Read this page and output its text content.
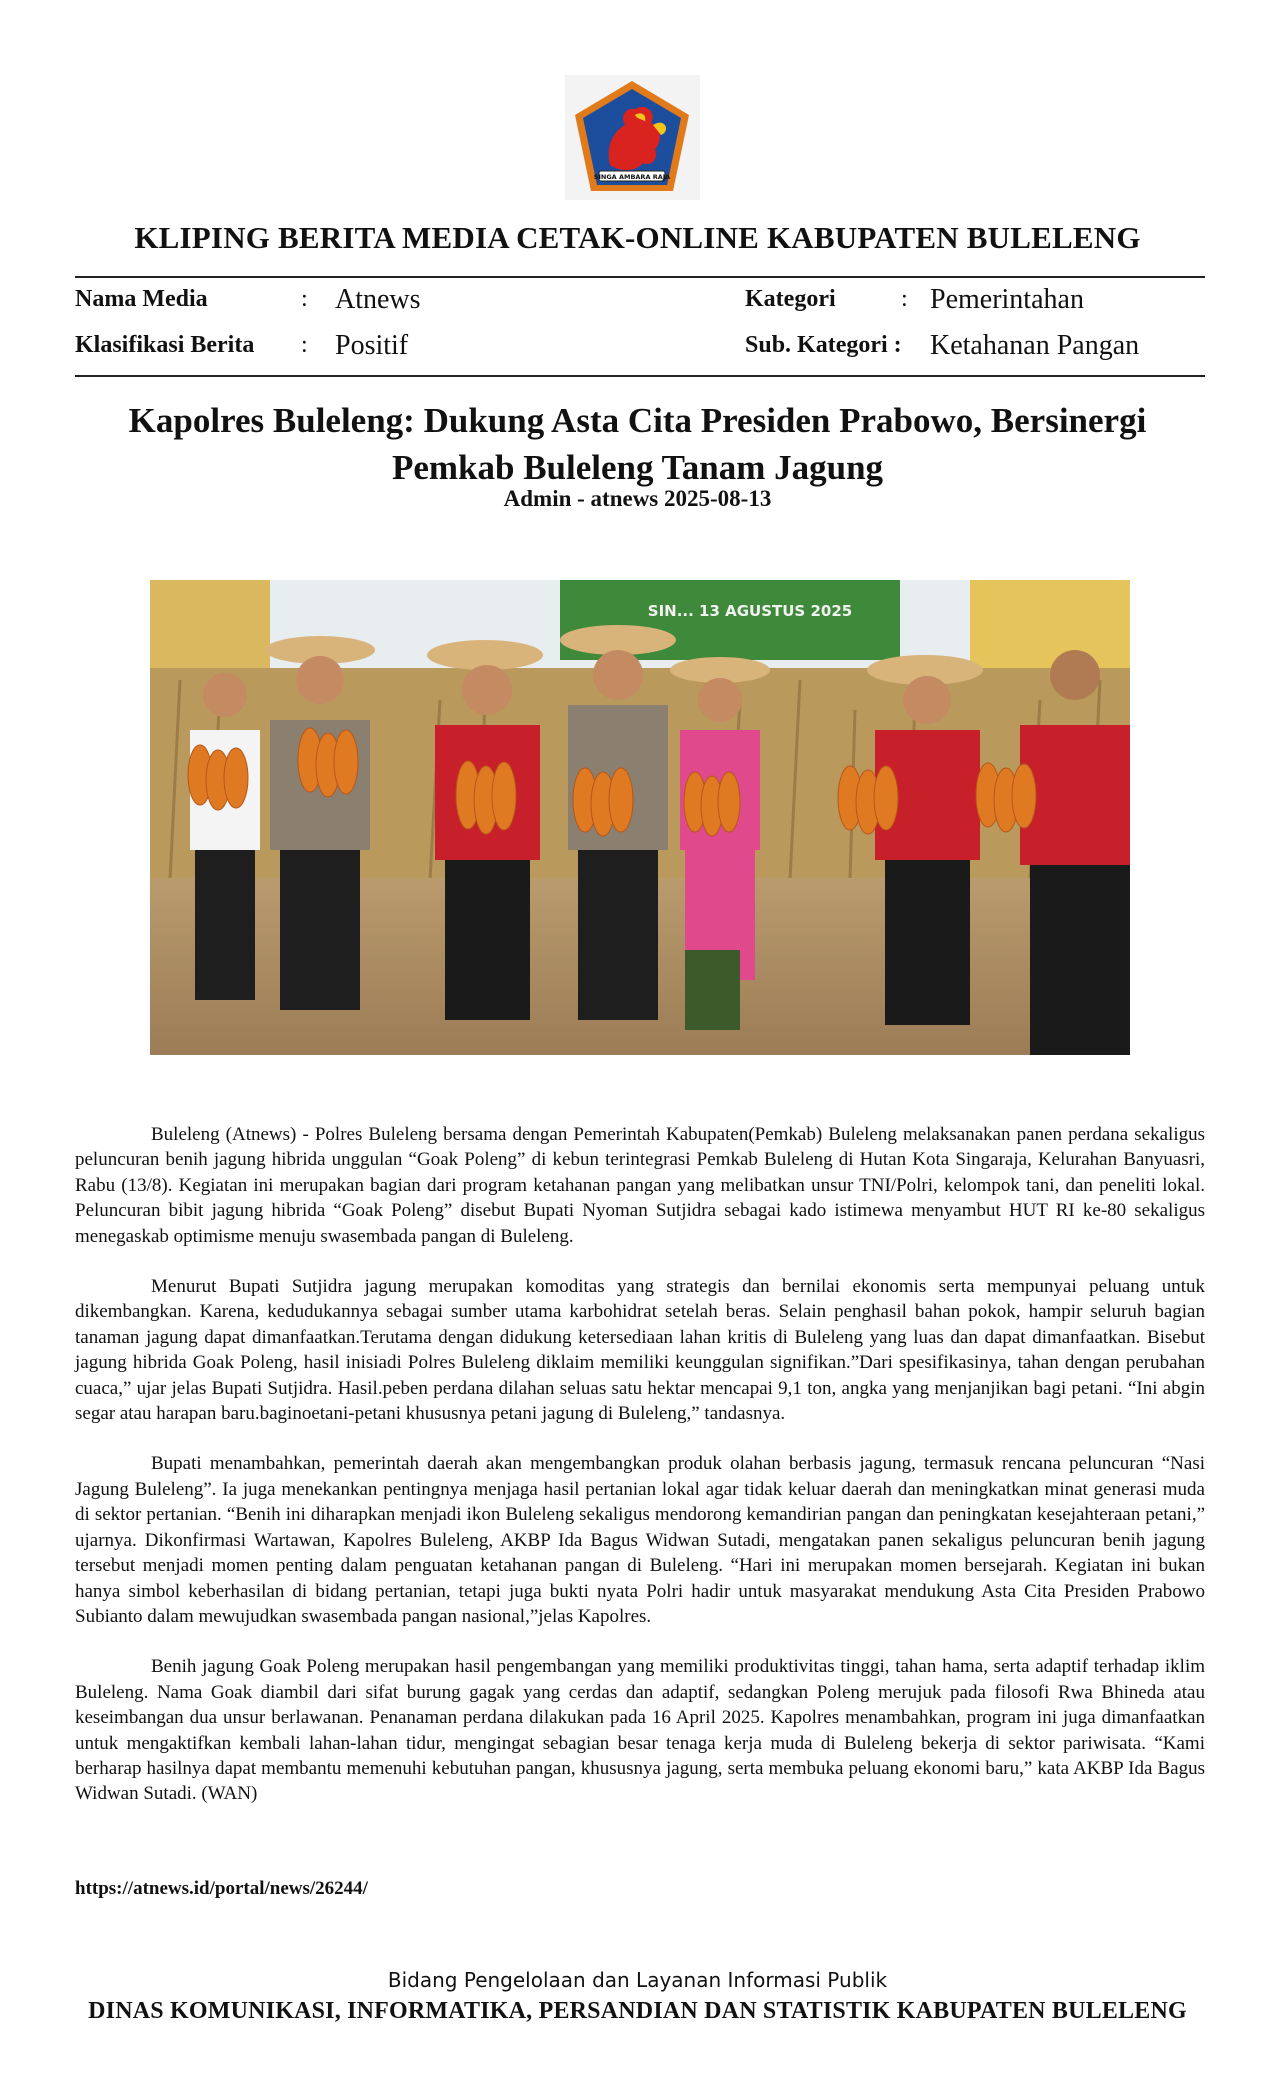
SINGA AMBARA RAJA
KLIPING BERITA MEDIA CETAK-ONLINE KABUPATEN BULELENG
Nama Media	: Atnews
Klasifikasi Berita : Positif
Kategori	: Pemerintahan
Sub. Kategori : Ketahanan Pangan
Kapolres Buleleng: Dukung Asta Cita Presiden Prabowo, Bersinergi Pemkab Buleleng Tanam Jagung
Admin - atnews 2025-08-13
SIN... 13 AGUSTUS 2025

Buleleng (Atnews) - Polres Buleleng bersama dengan Pemerintah Kabupaten(Pemkab) Buleleng melaksanakan panen perdana sekaligus peluncuran benih jagung hibrida unggulan “Goak Poleng” di kebun terintegrasi Pemkab Buleleng di Hutan Kota Singaraja, Kelurahan Banyuasri, Rabu (13/8). Kegiatan ini merupakan bagian dari program ketahanan pangan yang melibatkan unsur TNI/Polri, kelompok tani, dan peneliti lokal. Peluncuran bibit jagung hibrida “Goak Poleng” disebut Bupati Nyoman Sutjidra sebagai kado istimewa menyambut HUT RI ke-80 sekaligus menegaskab optimisme menuju swasembada pangan di Buleleng.

Menurut Bupati Sutjidra jagung merupakan komoditas yang strategis dan bernilai ekonomis serta mempunyai peluang untuk dikembangkan. Karena, kedudukannya sebagai sumber utama karbohidrat setelah beras. Selain penghasil bahan pokok, hampir seluruh bagian tanaman jagung dapat dimanfaatkan.Terutama dengan didukung ketersediaan lahan kritis di Buleleng yang luas dan dapat dimanfaatkan. Bisebut jagung hibrida Goak Poleng, hasil inisiadi Polres Buleleng diklaim memiliki keunggulan signifikan.”Dari spesifikasinya, tahan dengan perubahan cuaca,” ujar jelas Bupati Sutjidra. Hasil.peben perdana dilahan seluas satu hektar mencapai 9,1 ton, angka yang menjanjikan bagi petani. “Ini abgin segar atau harapan baru.baginoetani-petani khususnya petani jagung di Buleleng,” tandasnya.

Bupati menambahkan, pemerintah daerah akan mengembangkan produk olahan berbasis jagung, termasuk rencana peluncuran “Nasi Jagung Buleleng”. Ia juga menekankan pentingnya menjaga hasil pertanian lokal agar tidak keluar daerah dan meningkatkan minat generasi muda di sektor pertanian. “Benih ini diharapkan menjadi ikon Buleleng sekaligus mendorong kemandirian pangan dan peningkatan kesejahteraan petani,” ujarnya. Dikonfirmasi Wartawan, Kapolres Buleleng, AKBP Ida Bagus Widwan Sutadi, mengatakan panen sekaligus peluncuran benih jagung tersebut menjadi momen penting dalam penguatan ketahanan pangan di Buleleng. “Hari ini merupakan momen bersejarah. Kegiatan ini bukan hanya simbol keberhasilan di bidang pertanian, tetapi juga bukti nyata Polri hadir untuk masyarakat mendukung Asta Cita Presiden Prabowo Subianto dalam mewujudkan swasembada pangan nasional,”jelas Kapolres.

Benih jagung Goak Poleng merupakan hasil pengembangan yang memiliki produktivitas tinggi, tahan hama, serta adaptif terhadap iklim Buleleng. Nama Goak diambil dari sifat burung gagak yang cerdas dan adaptif, sedangkan Poleng merujuk pada filosofi Rwa Bhineda atau keseimbangan dua unsur berlawanan. Penanaman perdana dilakukan pada 16 April 2025. Kapolres menambahkan, program ini juga dimanfaatkan untuk mengaktifkan kembali lahan-lahan tidur, mengingat sebagian besar tenaga kerja muda di Buleleng bekerja di sektor pariwisata. “Kami berharap hasilnya dapat membantu memenuhi kebutuhan pangan, khususnya jagung, serta membuka peluang ekonomi baru,” kata AKBP Ida Bagus Widwan Sutadi. (WAN)

https://atnews.id/portal/news/26244/
Bidang Pengelolaan dan Layanan Informasi Publik
DINAS KOMUNIKASI, INFORMATIKA, PERSANDIAN DAN STATISTIK KABUPATEN BULELENG
